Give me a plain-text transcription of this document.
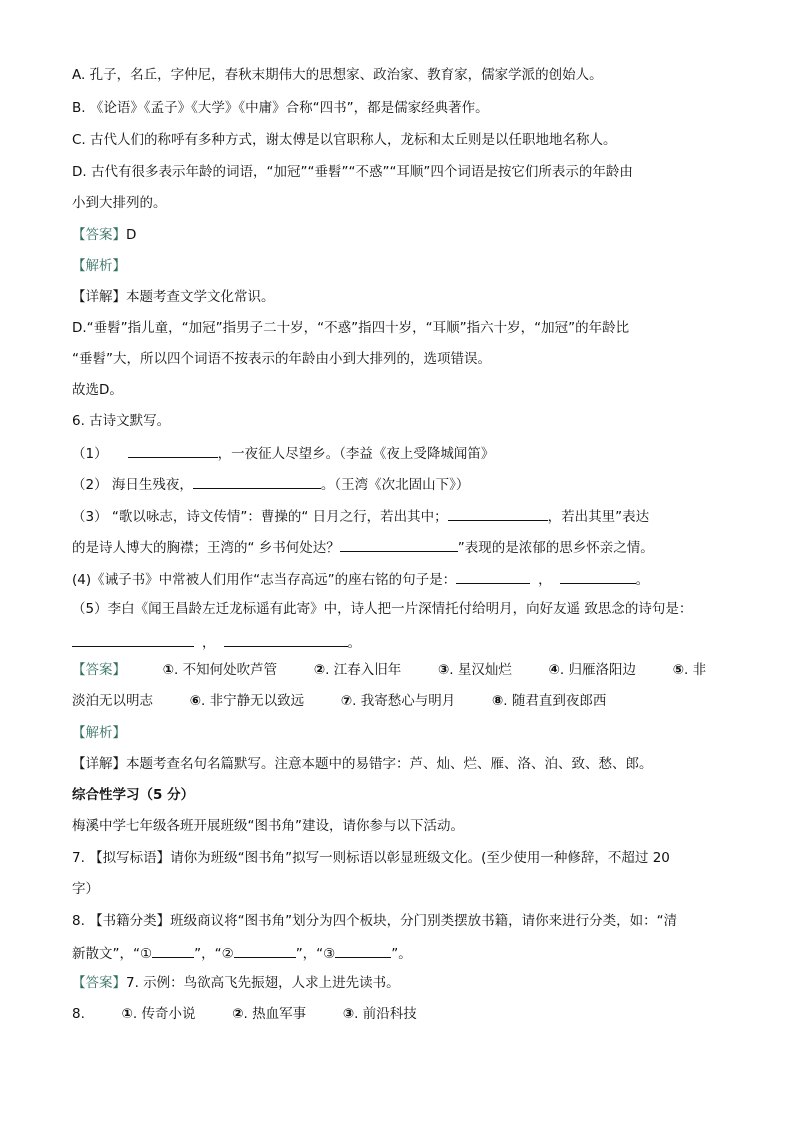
A. 孔子，名丘，字仲尼，春秋末期伟大的思想家、政治家、教育家，儒家学派的创始人。
B. 《论语》《孟子》《大学》《中庸》合称“四书”，都是儒家经典著作。
C. 古代人们的称呼有多种方式，谢太傅是以官职称人，龙标和太丘则是以任职地地名称人。
D. 古代有很多表示年龄的词语，“加冠”“垂髫”“不惑”“耳顺”四个词语是按它们所表示的年龄由
小到大排列的。
【答案】D
【解析】
【详解】本题考查文学文化常识。
D.“垂髫”指儿童，“加冠”指男子二十岁，“不惑”指四十岁，“耳顺”指六十岁，“加冠”的年龄比
“垂髫”大，所以四个词语不按表示的年龄由小到大排列的，选项错误。
故选D。
6. 古诗文默写。
（1）	，一夜征人尽望乡。（李益《夜上受降城闻笛》
（2） 海日生残夜，	。（王湾《次北固山下》）
（3） “歌以咏志，诗文传情”：曹操的“ 日月之行，若出其中；	，若出其里”表达
的是诗人博大的胸襟；王湾的“ 乡书何处达？	”表现的是浓郁的思乡怀亲之情。
(4)《诫子书》中常被人们用作“志当存高远”的座右铭的句子是：	，	。
（5）李白《闻王昌龄左迁龙标遥有此寄》中，诗人把一片深情托付给明月，向好友遥 致思念的诗句是：
，	。
【答案】	①. 不知何处吹芦管	②. 江春入旧年	③. 星汉灿烂	④. 归雁洛阳边	⑤. 非
淡泊无以明志	⑥. 非宁静无以致远	⑦. 我寄愁心与明月	⑧. 随君直到夜郎西
【解析】
【详解】本题考查名句名篇默写。注意本题中的易错字：芦、灿、烂、雁、洛、泊、致、愁、郎。
综合性学习（5 分）
梅溪中学七年级各班开展班级“图书角”建设，请你参与以下活动。
7. 【拟写标语】请你为班级“图书角”拟写一则标语以彰显班级文化。(至少使用一种修辞，不超过 20
字）
8. 【书籍分类】班级商议将“图书角”划分为四个板块，分门别类摆放书籍，请你来进行分类，如：“清
新散文”，“①	”，“②	”，“③	”。
【答案】7. 示例：鸟欲高飞先振翅，人求上进先读书。
8.	①. 传奇小说	②. 热血军事	③. 前沿科技
